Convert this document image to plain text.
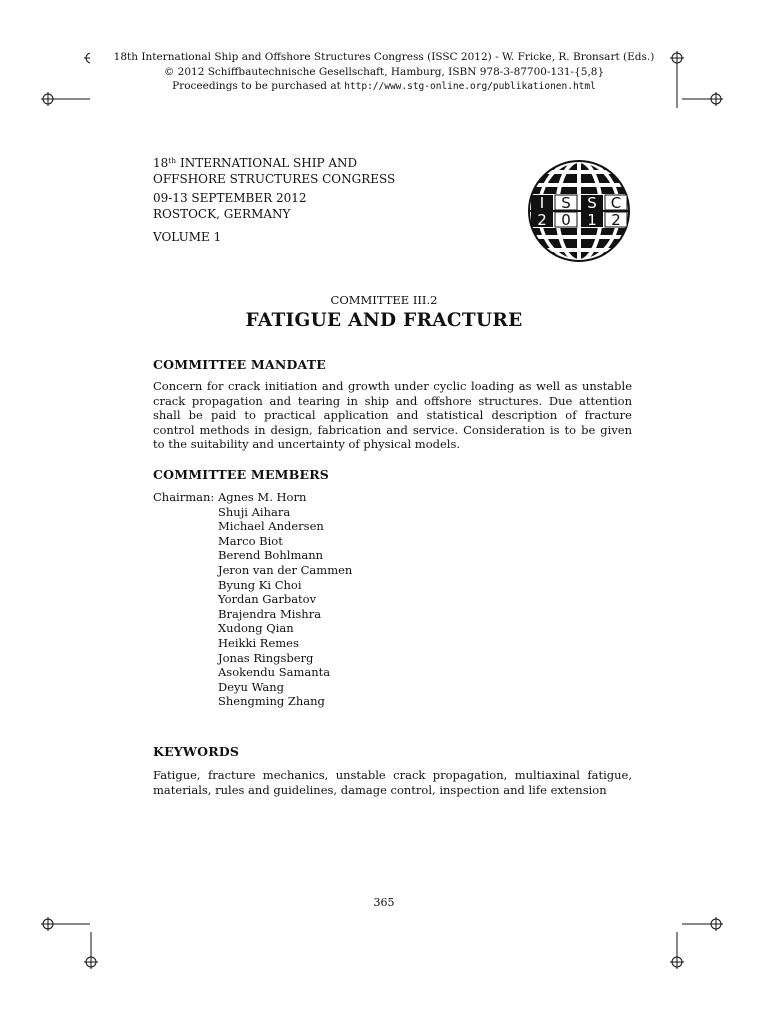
18th International Ship and Offshore Structures Congress (ISSC 2012) - W. Fricke, R. Bronsart (Eds.)
© 2012 Schiffbautechnische Gesellschaft, Hamburg, ISBN 978-3-87700-131-{5,8}
Proceedings to be purchased at http://www.stg-online.org/publikationen.html
18th INTERNATIONAL SHIP AND
OFFSHORE STRUCTURES CONGRESS
09-13 SEPTEMBER 2012
ROSTOCK, GERMANY
VOLUME 1
I S S C
2 0 1 2
COMMITTEE III.2
FATIGUE AND FRACTURE
COMMITTEE MANDATE
Concern for crack initiation and growth under cyclic loading as well as unstable crack propagation and tearing in ship and offshore structures. Due attention shall be paid to practical application and statistical description of fracture control methods in design, fabrication and service. Consideration is to be given to the suitability and uncertainty of physical models.
COMMITTEE MEMBERS
Chairman: Agnes M. Horn
Shuji Aihara
Michael Andersen
Marco Biot
Berend Bohlmann
Jeron van der Cammen
Byung Ki Choi
Yordan Garbatov
Brajendra Mishra
Xudong Qian
Heikki Remes
Jonas Ringsberg
Asokendu Samanta
Deyu Wang
Shengming Zhang
KEYWORDS
Fatigue, fracture mechanics, unstable crack propagation, multiaxinal fatigue, materials, rules and guidelines, damage control, inspection and life extension
365
